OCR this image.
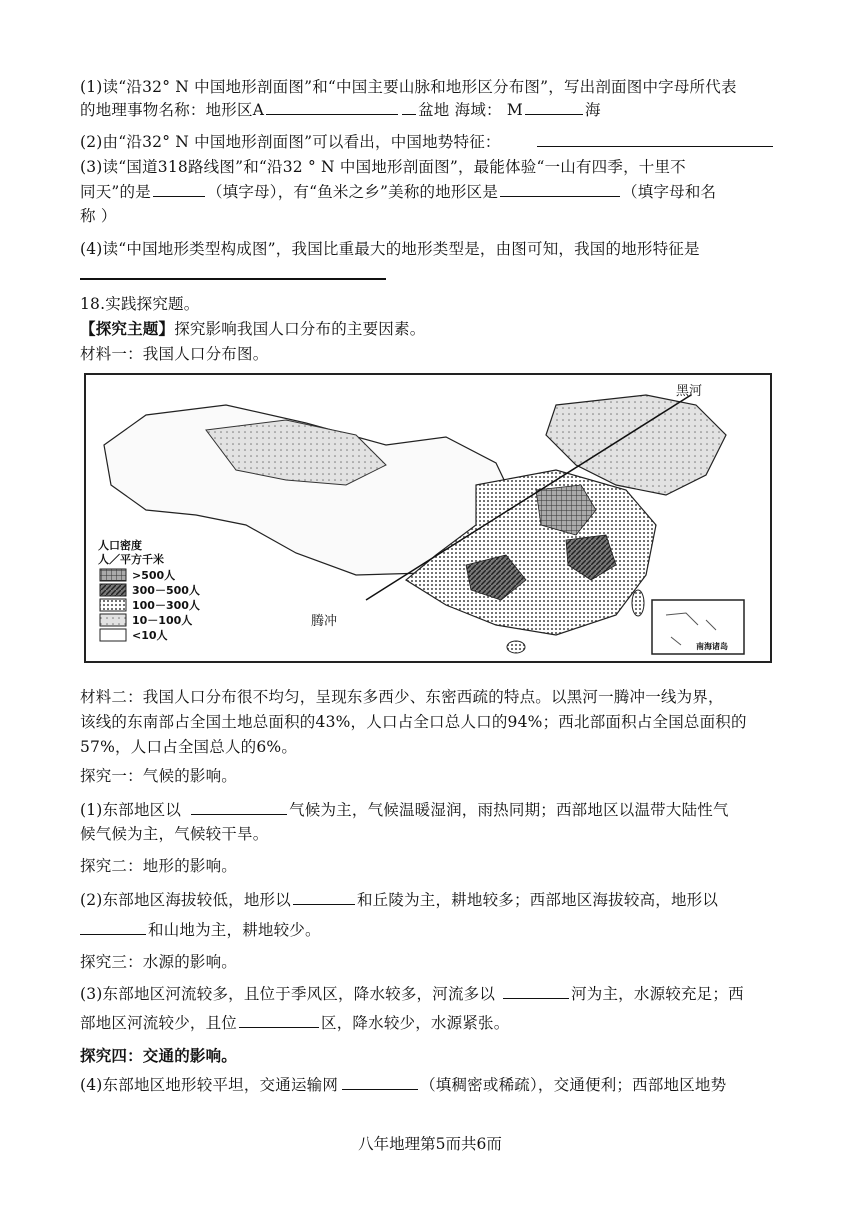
(1)读“沿32° N 中国地形剖面图”和“中国主要山脉和地形区分布图”，写出剖面图中字母所代表
的地理事物名称：地形区A	盆地 海域： M	海
(2)由“沿32° N 中国地形剖面图”可以看出，中国地势特征：
(3)读“国道318路线图”和“沿32 ° N 中国地形剖面图”，最能体验“一山有四季，十里不
同天”的是	（填字母），有“鱼米之乡”美称的地形区是	（填字母和名
称 ）
(4)读“中国地形类型构成图”，我国比重最大的地形类型是，由图可知，我国的地形特征是
18.实践探究题。
【探究主题】探究影响我国人口分布的主要因素。
材料一：我国人口分布图。
黑河
腾冲
人口密度
人／平方千米
>500人
300－500人
100－300人
10－100人
<10人
南海诸岛
材料二：我国人口分布很不均匀，呈现东多西少、东密西疏的特点。以黑河一腾冲一线为界，
该线的东南部占全国土地总面积的43%，人口占全口总人口的94%；西北部面积占全国总面积的
57%，人口占全国总人的6%。
探究一：气候的影响。
(1)东部地区以	气候为主，气候温暖湿润，雨热同期；西部地区以温带大陆性气
候气候为主，气候较干旱。
探究二：地形的影响。
(2)东部地区海拔较低，地形以	和丘陵为主，耕地较多；西部地区海拔较高，地形以
和山地为主，耕地较少。
探究三：水源的影响。
(3)东部地区河流较多，且位于季风区，降水较多，河流多以	河为主，水源较充足；西
部地区河流较少，且位	区，降水较少，水源紧张。
探究四：交通的影响。
(4)东部地区地形较平坦，交通运输网	（填稠密或稀疏），交通便利；西部地区地势
八年地理第5而共6而
